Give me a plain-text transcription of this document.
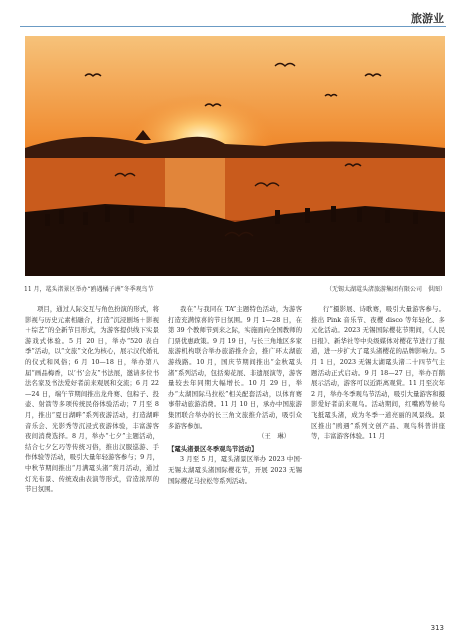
旅游业
11 月，鼋头渚景区举办“鸥遇橘子洲”冬季观鸟节	（无锡太湖鼋头渚旅游集团有限公司　供图）

项目，通过人际交互与角色扮演的形式，将影视与历史元素相融合，打造“沉浸剧场＋影视＋综艺”的全新节目形式，为游客提供线下实景游戏式体验。5 月 20 日，举办“520 表白季”活动，以“文旅”文化为核心，展示汉代婚礼的仪式和风俗；6 月 10—18 日，举办第八届“画品梅香，以‘书’会友”书法展，邀请多位书法名家及书法爱好者前来观展和交流；6 月 22—24 日，端午节期间推出龙舟赛、包粽子、投壶、射箭等多项传统民俗体验活动；7 月至 8 月，推出“夏日湖畔”系列夜游活动，打造湖畔音乐会、光影秀等沉浸式夜游体验，丰富游客夜间消费选择。8 月，举办“七夕”主题活动，结合七夕乞巧等传统习俗，推出汉服巡游、手作体验等活动，吸引大量年轻游客参与；9 月，中秋节期间推出“月满鼋头渚”赏月活动，通过灯光布景、传统戏曲表演等形式，营造浓厚的节日氛围。

我在“与我同在 TA”主题特色活动，为游客打造充满惊喜的节日氛围。9 月 1—28 日，在第 39 个教师节到来之际，实施面向全国教师的门票优惠政策。9 月 19 日，与长三角地区多家旅游机构联合举办旅游推介会，推广环太湖旅游线路。10 月，国庆节期间推出“金秋鼋头渚”系列活动，包括菊花展、非遗展演等，游客量较去年同期大幅增长。10 月 29 日，举办“太湖国际马拉松”相关配套活动，以体育赛事带动旅游消费。11 月 10 日，承办中国旅游集团联合举办的长三角文旅推介活动，吸引众多游客参加。

（王　琳）
【鼋头渚景区冬季观鸟节活动】

3 月至 5 月，鼋头渚景区举办 2023 中国·无锡太湖鼋头渚国际樱花节，开展 2023 无锡国际樱花马拉松等系列活动。

行”摄影展、诗歌赛，吸引大量游客参与。推出 Pink 音乐节、夜樱 disco 等年轻化、多元化活动。2023 无锡国际樱花节期间，《人民日报》、新华社等中央级媒体对樱花节进行了报道，进一步扩大了鼋头渚樱花的品牌影响力。5 月 1 日，2023 无锡太湖鼋头渚二十四节气主题活动正式启动。9 月 18—27 日，举办百鹅展示活动，游客可以近距离观赏。11 月至次年 2 月，举办冬季观鸟节活动，吸引大量游客和摄影爱好者前来观鸟。活动期间，红嘴鸥等候鸟飞抵鼋头渚，成为冬季一道亮丽的风景线。景区推出“鸥遇”系列文创产品、观鸟科普讲座等，丰富游客体验。11 月

313
